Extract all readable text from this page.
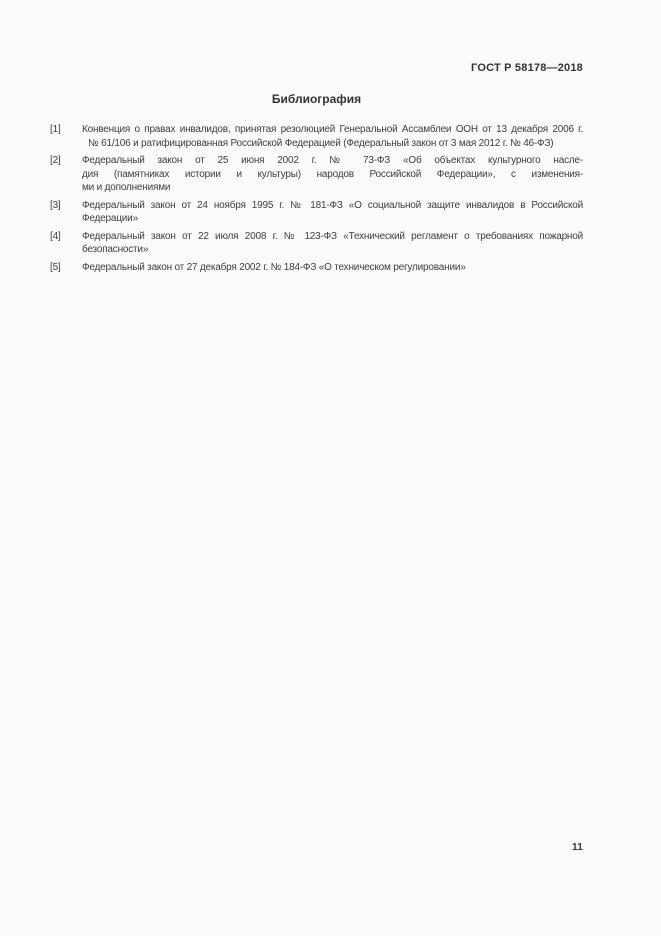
ГОСТ Р 58178—2018
Библиография
[1]	Конвенция о правах инвалидов, принятая резолюцией Генеральной Ассамблеи ООН от 13 декабря 2006 г.
№ 61/106 и ратифицированная Российской Федерацией (Федеральный закон от 3 мая 2012 г. № 46-ФЗ)
[2]	Федеральный закон от 25 июня 2002 г. № 73-ФЗ «Об объектах культурного насле-
дия (памятниках истории и культуры) народов Российской Федерации», с изменения-
ми и дополнениями
[3]	Федеральный закон от 24 ноября 1995 г. № 181-ФЗ «О социальной защите инвалидов в Российской
Федерации»
[4]	Федеральный закон от 22 июля 2008 г. № 123-ФЗ «Технический регламент о требованиях пожарной
безопасности»
[5]	Федеральный закон от 27 декабря 2002 г. № 184-ФЗ «О техническом регулировании»
11
